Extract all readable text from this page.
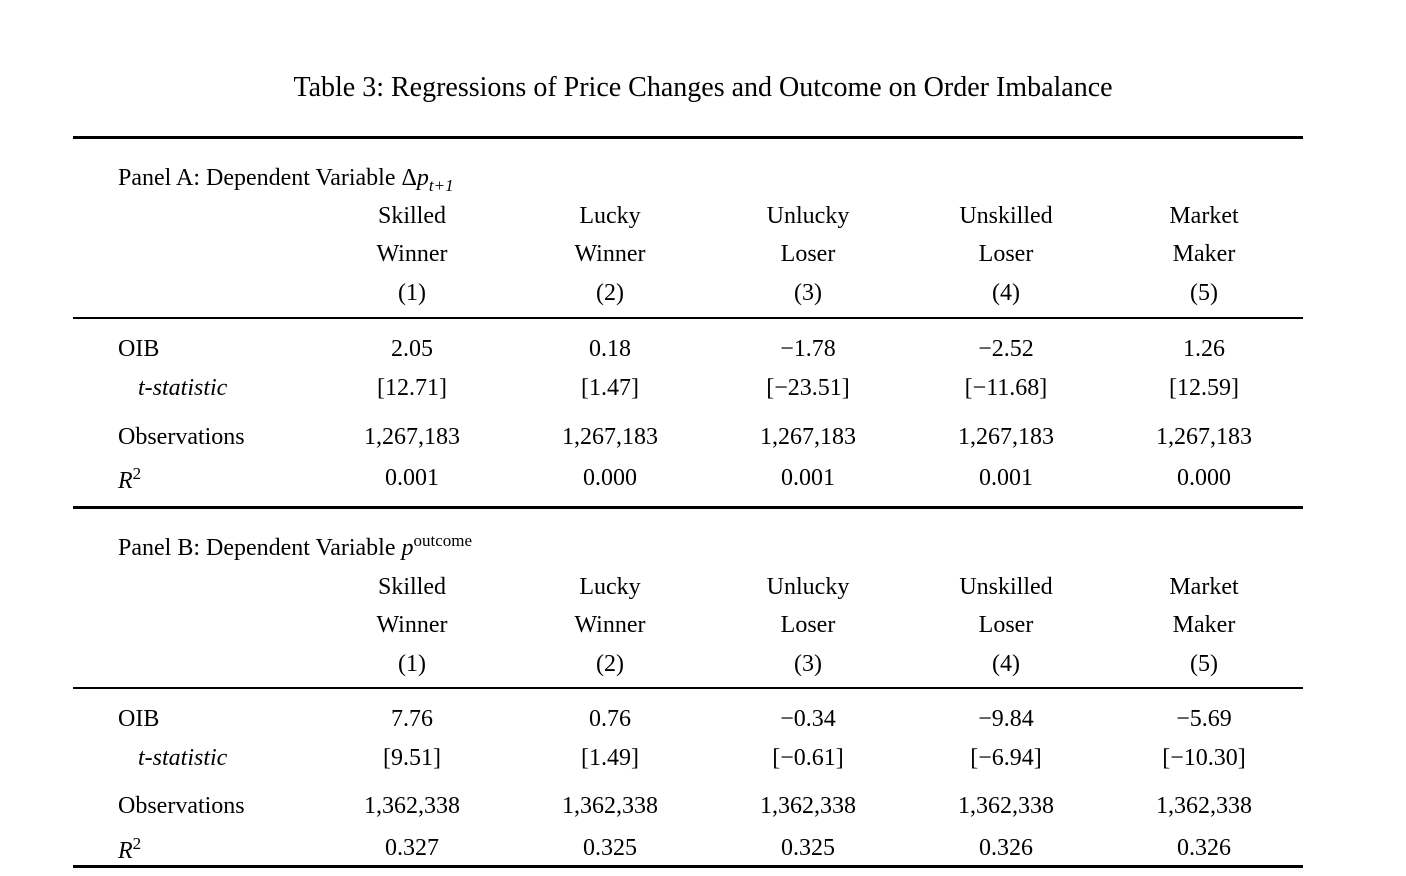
Table 3: Regressions of Price Changes and Outcome on Order Imbalance
Panel A: Dependent Variable $\Delta p_{t+1}$
Skilled	Lucky	Unlucky	Unskilled	Market
Winner	Winner	Loser	Loser	Maker
(1)	(2)	(3)	(4)	(5)
OIB	2.05	0.18	−1.78	−2.52	1.26
t-statistic	[12.71]	[1.47]	[−23.51]	[−11.68]	[12.59]
Observations	1,267,183	1,267,183	1,267,183	1,267,183	1,267,183
$R^2$	0.001	0.000	0.001	0.001	0.000
Panel B: Dependent Variable $p^{outcome}$
Skilled	Lucky	Unlucky	Unskilled	Market
Winner	Winner	Loser	Loser	Maker
(1)	(2)	(3)	(4)	(5)
OIB	7.76	0.76	−0.34	−9.84	−5.69
t-statistic	[9.51]	[1.49]	[−0.61]	[−6.94]	[−10.30]
Observations	1,362,338	1,362,338	1,362,338	1,362,338	1,362,338
$R^2$	0.327	0.325	0.325	0.326	0.326
